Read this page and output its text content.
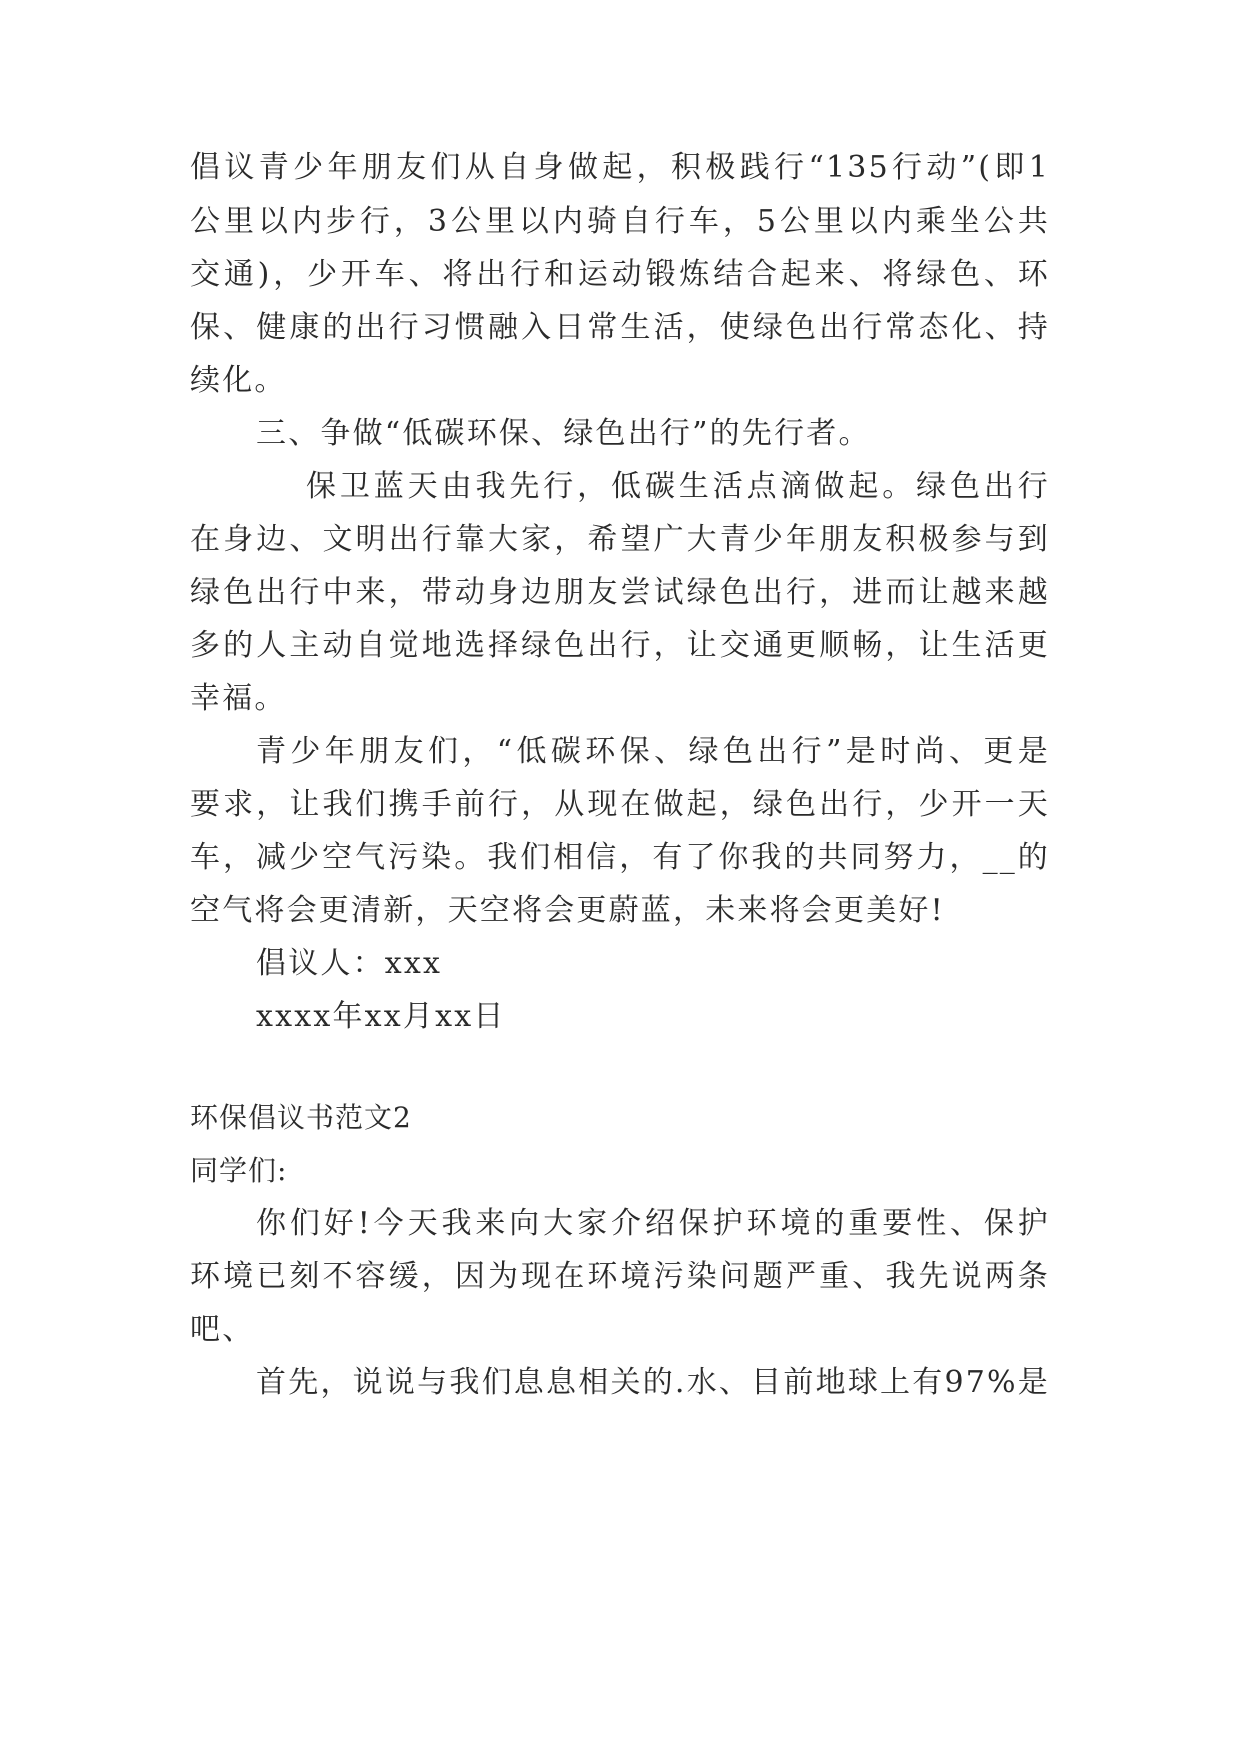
倡议青少年朋友们从自身做起，积极践行“135行动”(即1
公里以内步行，3公里以内骑自行车，5公里以内乘坐公共
交通)，少开车、将出行和运动锻炼结合起来、将绿色、环
保、健康的出行习惯融入日常生活，使绿色出行常态化、持
续化。
三、争做“低碳环保、绿色出行”的先行者。
保卫蓝天由我先行，低碳生活点滴做起。绿色出行
在身边、文明出行靠大家，希望广大青少年朋友积极参与到
绿色出行中来，带动身边朋友尝试绿色出行，进而让越来越
多的人主动自觉地选择绿色出行，让交通更顺畅，让生活更
幸福。
青少年朋友们，“低碳环保、绿色出行”是时尚、更是
要求，让我们携手前行，从现在做起，绿色出行，少开一天
车，减少空气污染。我们相信，有了你我的共同努力，__的
空气将会更清新，天空将会更蔚蓝，未来将会更美好!
倡议人：xxx
xxxx年xx月xx日
环保倡议书范文2
同学们:
你们好!今天我来向大家介绍保护环境的重要性、保护
环境已刻不容缓，因为现在环境污染问题严重、我先说两条
吧、
首先，说说与我们息息相关的.水、目前地球上有97%是
